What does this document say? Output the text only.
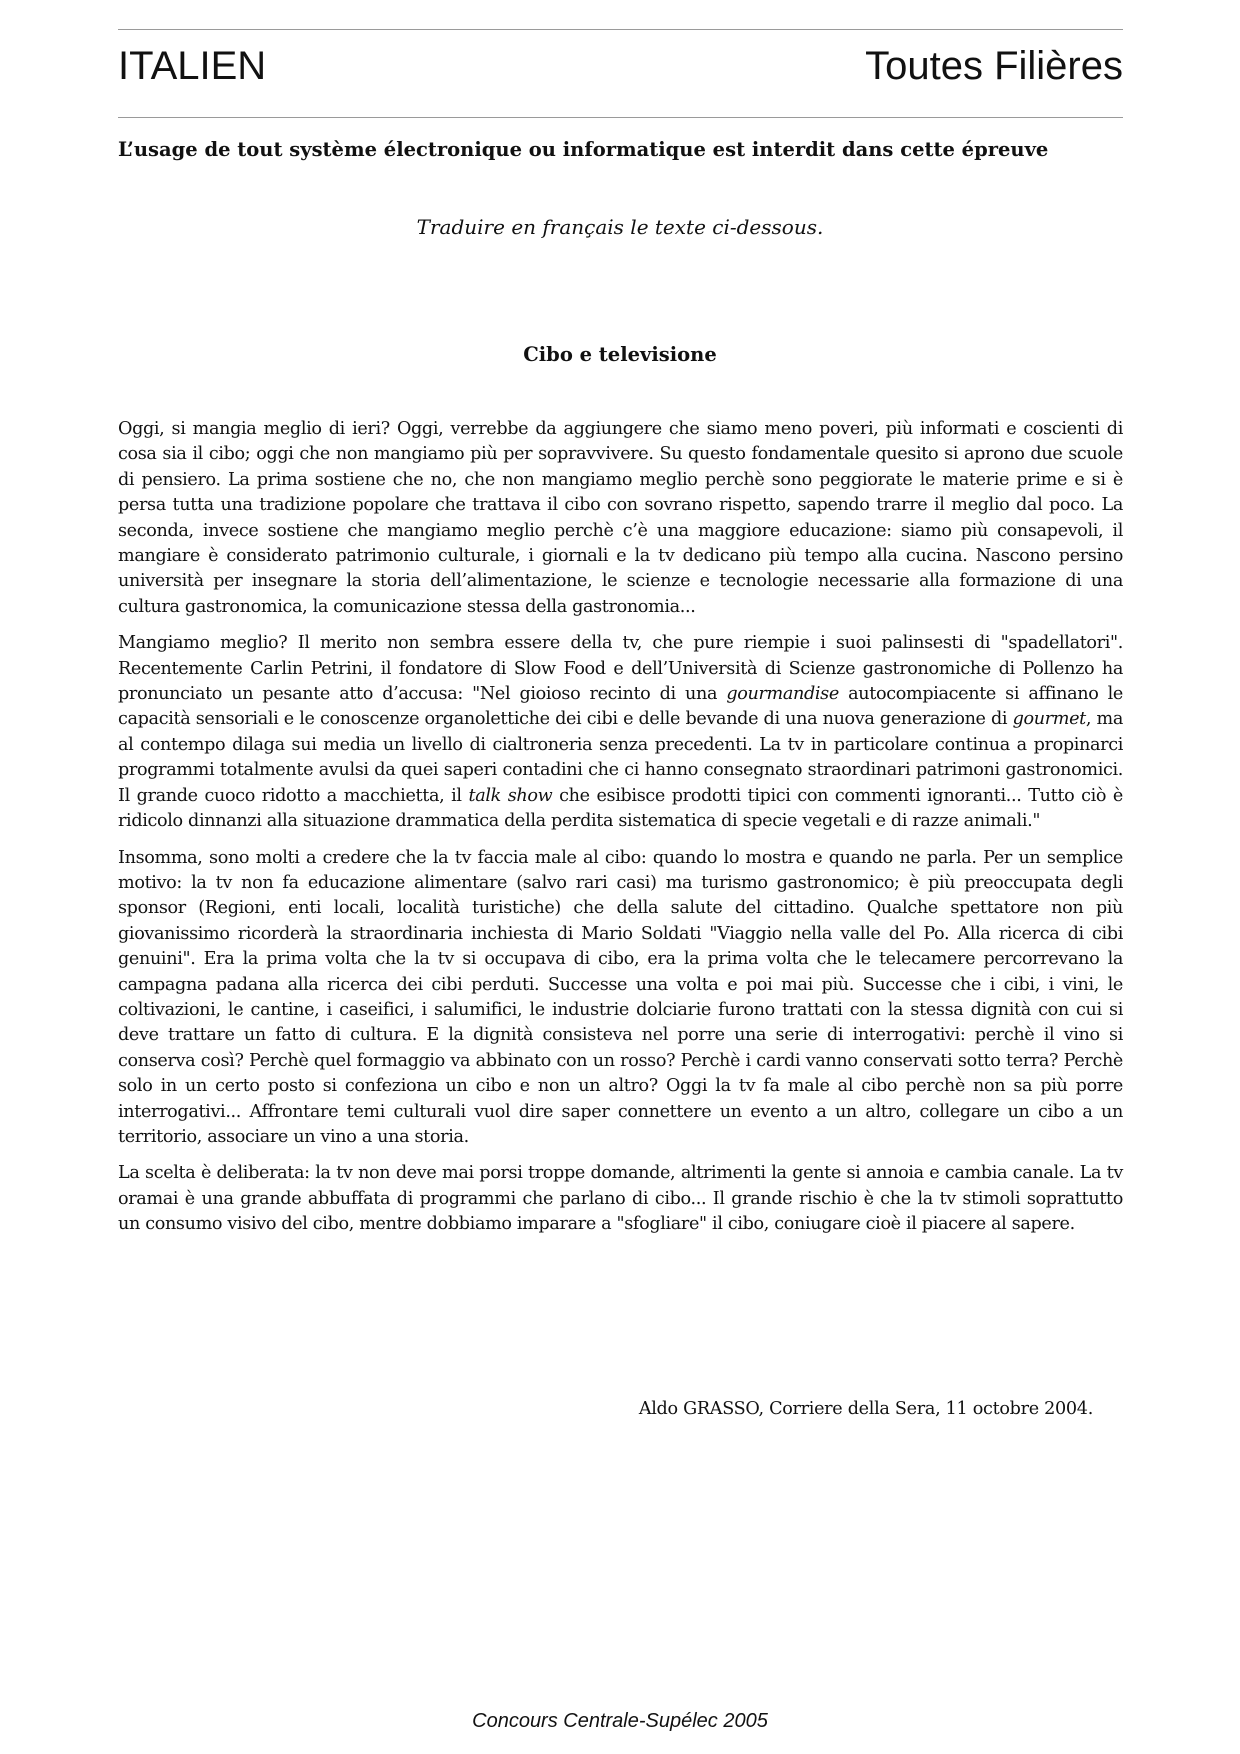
ITALIEN	Toutes Filières
L’usage de tout système électronique ou informatique est interdit dans cette épreuve
Traduire en français le texte ci-dessous.
Cibo e televisione

Oggi, si mangia meglio di ieri? Oggi, verrebbe da aggiungere che siamo meno poveri, più informati e coscienti di cosa sia il cibo; oggi che non mangiamo più per sopravvivere. Su questo fondamentale quesito si aprono due scuole di pensiero. La prima sostiene che no, che non mangiamo meglio perchè sono peggiorate le materie prime e si è persa tutta una tradizione popolare che trattava il cibo con sovrano rispetto, sapendo trarre il meglio dal poco. La seconda, invece sostiene che mangiamo meglio perchè c’è una maggiore educazione: siamo più consapevoli, il mangiare è considerato patrimonio culturale, i giornali e la tv dedicano più tempo alla cucina. Nascono persino università per insegnare la storia dell’alimentazione, le scienze e tecnologie necessarie alla formazione di una cultura gastronomica, la comunicazione stessa della gastronomia...

Mangiamo meglio? Il merito non sembra essere della tv, che pure riempie i suoi palinsesti di "spadellatori". Recentemente Carlin Petrini, il fondatore di Slow Food e dell’Università di Scienze gastronomiche di Pollenzo ha pronunciato un pesante atto d’accusa: "Nel gioioso recinto di una gourmandise autocompiacente si affinano le capacità sensoriali e le conoscenze organolettiche dei cibi e delle bevande di una nuova generazione di gourmet, ma al contempo dilaga sui media un livello di cialtroneria senza precedenti. La tv in particolare continua a propinarci programmi totalmente avulsi da quei saperi contadini che ci hanno consegnato straordinari patrimoni gastronomici. Il grande cuoco ridotto a macchietta, il talk show che esibisce prodotti tipici con commenti ignoranti... Tutto ciò è ridicolo dinnanzi alla situazione drammatica della perdita sistematica di specie vegetali e di razze animali."

Insomma, sono molti a credere che la tv faccia male al cibo: quando lo mostra e quando ne parla. Per un semplice motivo: la tv non fa educazione alimentare (salvo rari casi) ma turismo gastronomico; è più preoccupata degli sponsor (Regioni, enti locali, località turistiche) che della salute del cittadino. Qualche spettatore non più giovanissimo ricorderà la straordinaria inchiesta di Mario Soldati "Viaggio nella valle del Po. Alla ricerca di cibi genuini". Era la prima volta che la tv si occupava di cibo, era la prima volta che le telecamere percorrevano la campagna padana alla ricerca dei cibi perduti. Successe una volta e poi mai più. Successe che i cibi, i vini, le coltivazioni, le cantine, i caseifici, i salumifici, le industrie dolciarie furono trattati con la stessa dignità con cui si deve trattare un fatto di cultura. E la dignità consisteva nel porre una serie di interrogativi: perchè il vino si conserva così? Perchè quel formaggio va abbinato con un rosso? Perchè i cardi vanno conservati sotto terra? Perchè solo in un certo posto si confeziona un cibo e non un altro? Oggi la tv fa male al cibo perchè non sa più porre interrogativi... Affrontare temi culturali vuol dire saper connettere un evento a un altro, collegare un cibo a un territorio, associare un vino a una storia.

La scelta è deliberata: la tv non deve mai porsi troppe domande, altrimenti la gente si annoia e cambia canale. La tv oramai è una grande abbuffata di programmi che parlano di cibo... Il grande rischio è che la tv stimoli soprattutto un consumo visivo del cibo, mentre dobbiamo imparare a "sfogliare" il cibo, coniugare cioè il piacere al sapere.

Aldo GRASSO, Corriere della Sera, 11 octobre 2004.
Concours Centrale-Supélec 2005
